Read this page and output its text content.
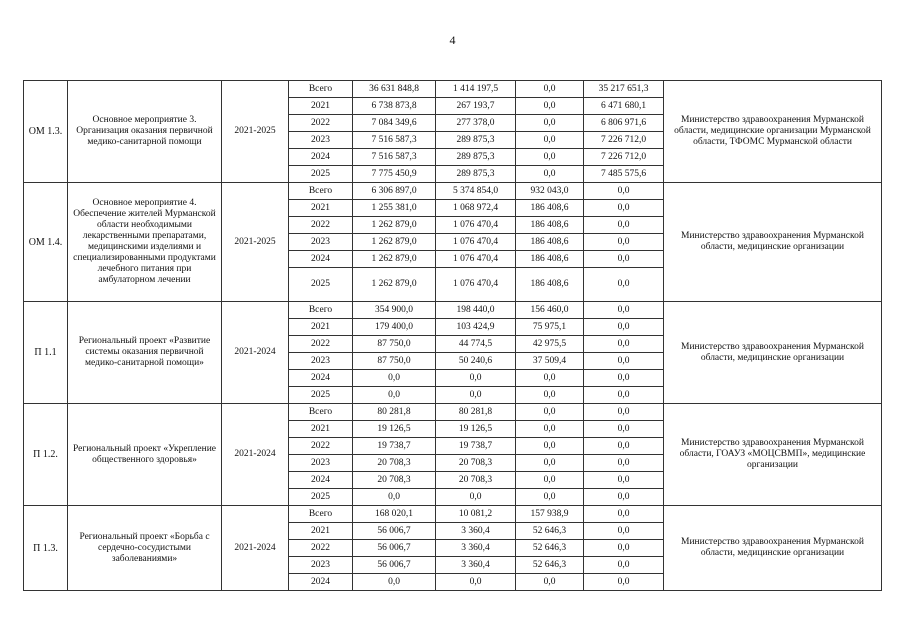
4
ОМ 1.3.	Основное мероприятие 3. Организация оказания первичной медико-санитарной помощи	2021-2025	Всего	36 631 848,8	1 414 197,5	0,0	35 217 651,3	Министерство здравоохранения Мурманской области, медицинские организации Мурманской области, ТФОМС Мурманской области
			2021	6 738 873,8	267 193,7	0,0	6 471 680,1	
			2022	7 084 349,6	277 378,0	0,0	6 806 971,6	
			2023	7 516 587,3	289 875,3	0,0	7 226 712,0	
			2024	7 516 587,3	289 875,3	0,0	7 226 712,0	
			2025	7 775 450,9	289 875,3	0,0	7 485 575,6	
ОМ 1.4.	Основное мероприятие 4. Обеспечение жителей Мурманской области необходимыми лекарственными препаратами, медицинскими изделиями и специализированными продуктами лечебного питания при амбулаторном лечении	2021-2025	Всего	6 306 897,0	5 374 854,0	932 043,0	0,0	Министерство здравоохранения Мурманской области, медицинские организации
			2021	1 255 381,0	1 068 972,4	186 408,6	0,0	
			2022	1 262 879,0	1 076 470,4	186 408,6	0,0	
			2023	1 262 879,0	1 076 470,4	186 408,6	0,0	
			2024	1 262 879,0	1 076 470,4	186 408,6	0,0	
			2025	1 262 879,0	1 076 470,4	186 408,6	0,0	
П 1.1	Региональный проект «Развитие системы оказания первичной медико-санитарной помощи»	2021-2024	Всего	354 900,0	198 440,0	156 460,0	0,0	Министерство здравоохранения Мурманской области, медицинские организации
			2021	179 400,0	103 424,9	75 975,1	0,0	
			2022	87 750,0	44 774,5	42 975,5	0,0	
			2023	87 750,0	50 240,6	37 509,4	0,0	
			2024	0,0	0,0	0,0	0,0	
			2025	0,0	0,0	0,0	0,0	
П 1.2.	Региональный проект «Укрепление общественного здоровья»	2021-2024	Всего	80 281,8	80 281,8	0,0	0,0	Министерство здравоохранения Мурманской области, ГОАУЗ «МОЦСВМП», медицинские организации
			2021	19 126,5	19 126,5	0,0	0,0	
			2022	19 738,7	19 738,7	0,0	0,0	
			2023	20 708,3	20 708,3	0,0	0,0	
			2024	20 708,3	20 708,3	0,0	0,0	
			2025	0,0	0,0	0,0	0,0	
П 1.3.	Региональный проект «Борьба с сердечно-сосудистыми заболеваниями»	2021-2024	Всего	168 020,1	10 081,2	157 938,9	0,0	Министерство здравоохранения Мурманской области, медицинские организации
			2021	56 006,7	3 360,4	52 646,3	0,0	
			2022	56 006,7	3 360,4	52 646,3	0,0	
			2023	56 006,7	3 360,4	52 646,3	0,0	
			2024	0,0	0,0	0,0	0,0	
